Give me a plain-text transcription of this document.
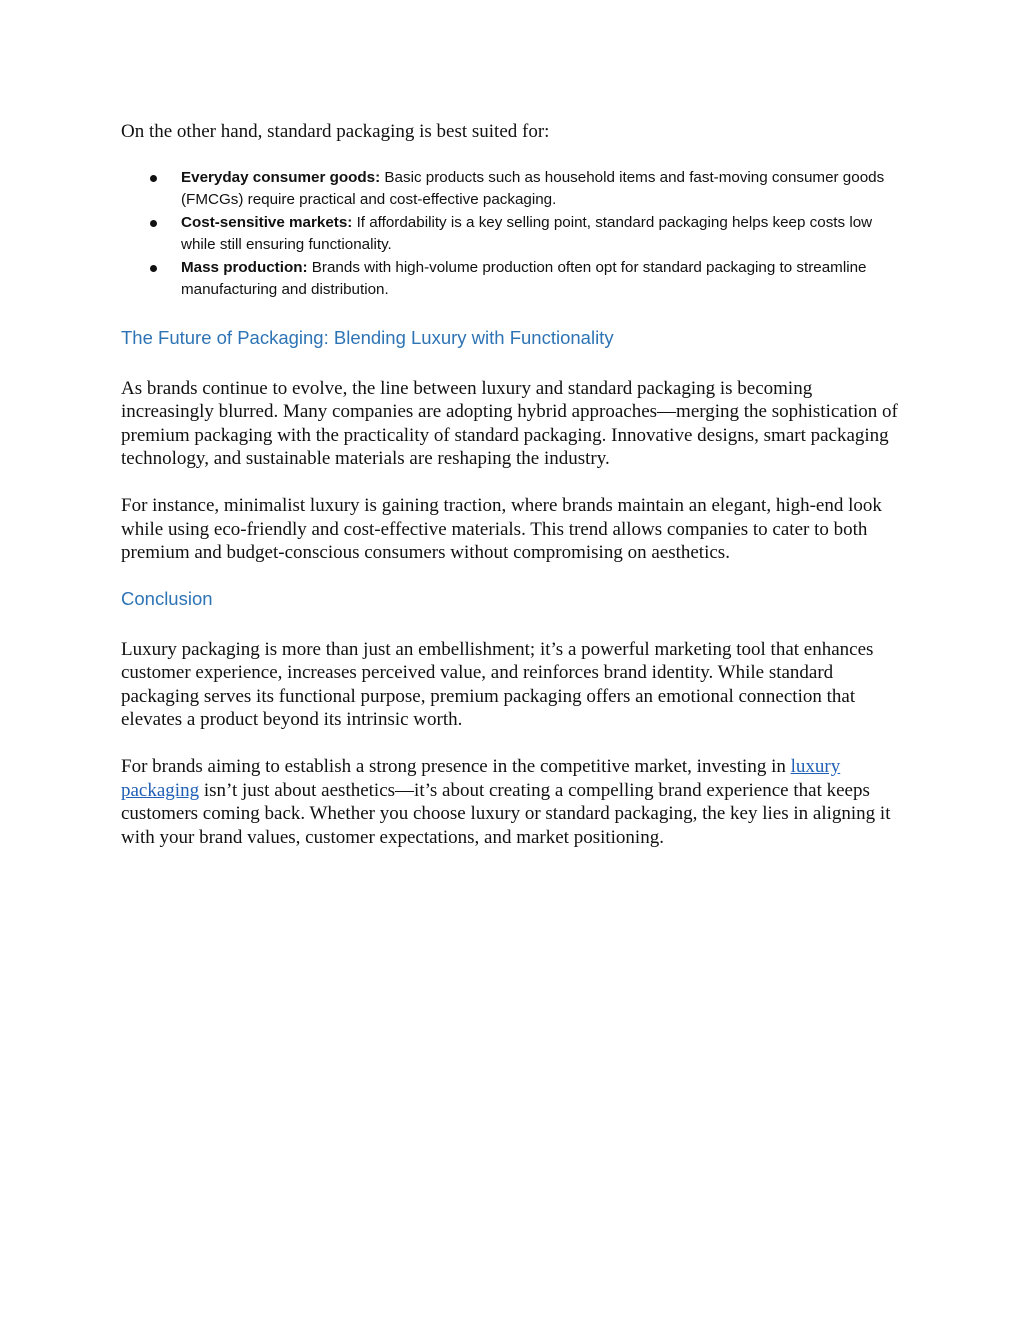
On the other hand, standard packaging is best suited for:

Everyday consumer goods: Basic products such as household items and fast-moving consumer goods (FMCGs) require practical and cost-effective packaging.
Cost-sensitive markets: If affordability is a key selling point, standard packaging helps keep costs low while still ensuring functionality.
Mass production: Brands with high-volume production often opt for standard packaging to streamline manufacturing and distribution.
The Future of Packaging: Blending Luxury with Functionality

As brands continue to evolve, the line between luxury and standard packaging is becoming increasingly blurred. Many companies are adopting hybrid approaches—merging the sophistication of premium packaging with the practicality of standard packaging. Innovative designs, smart packaging technology, and sustainable materials are reshaping the industry.

For instance, minimalist luxury is gaining traction, where brands maintain an elegant, high-end look while using eco-friendly and cost-effective materials. This trend allows companies to cater to both premium and budget-conscious consumers without compromising on aesthetics.

Conclusion

Luxury packaging is more than just an embellishment; it’s a powerful marketing tool that enhances customer experience, increases perceived value, and reinforces brand identity. While standard packaging serves its functional purpose, premium packaging offers an emotional connection that elevates a product beyond its intrinsic worth.

For brands aiming to establish a strong presence in the competitive market, investing in luxury packaging isn’t just about aesthetics—it’s about creating a compelling brand experience that keeps customers coming back. Whether you choose luxury or standard packaging, the key lies in aligning it with your brand values, customer expectations, and market positioning.
